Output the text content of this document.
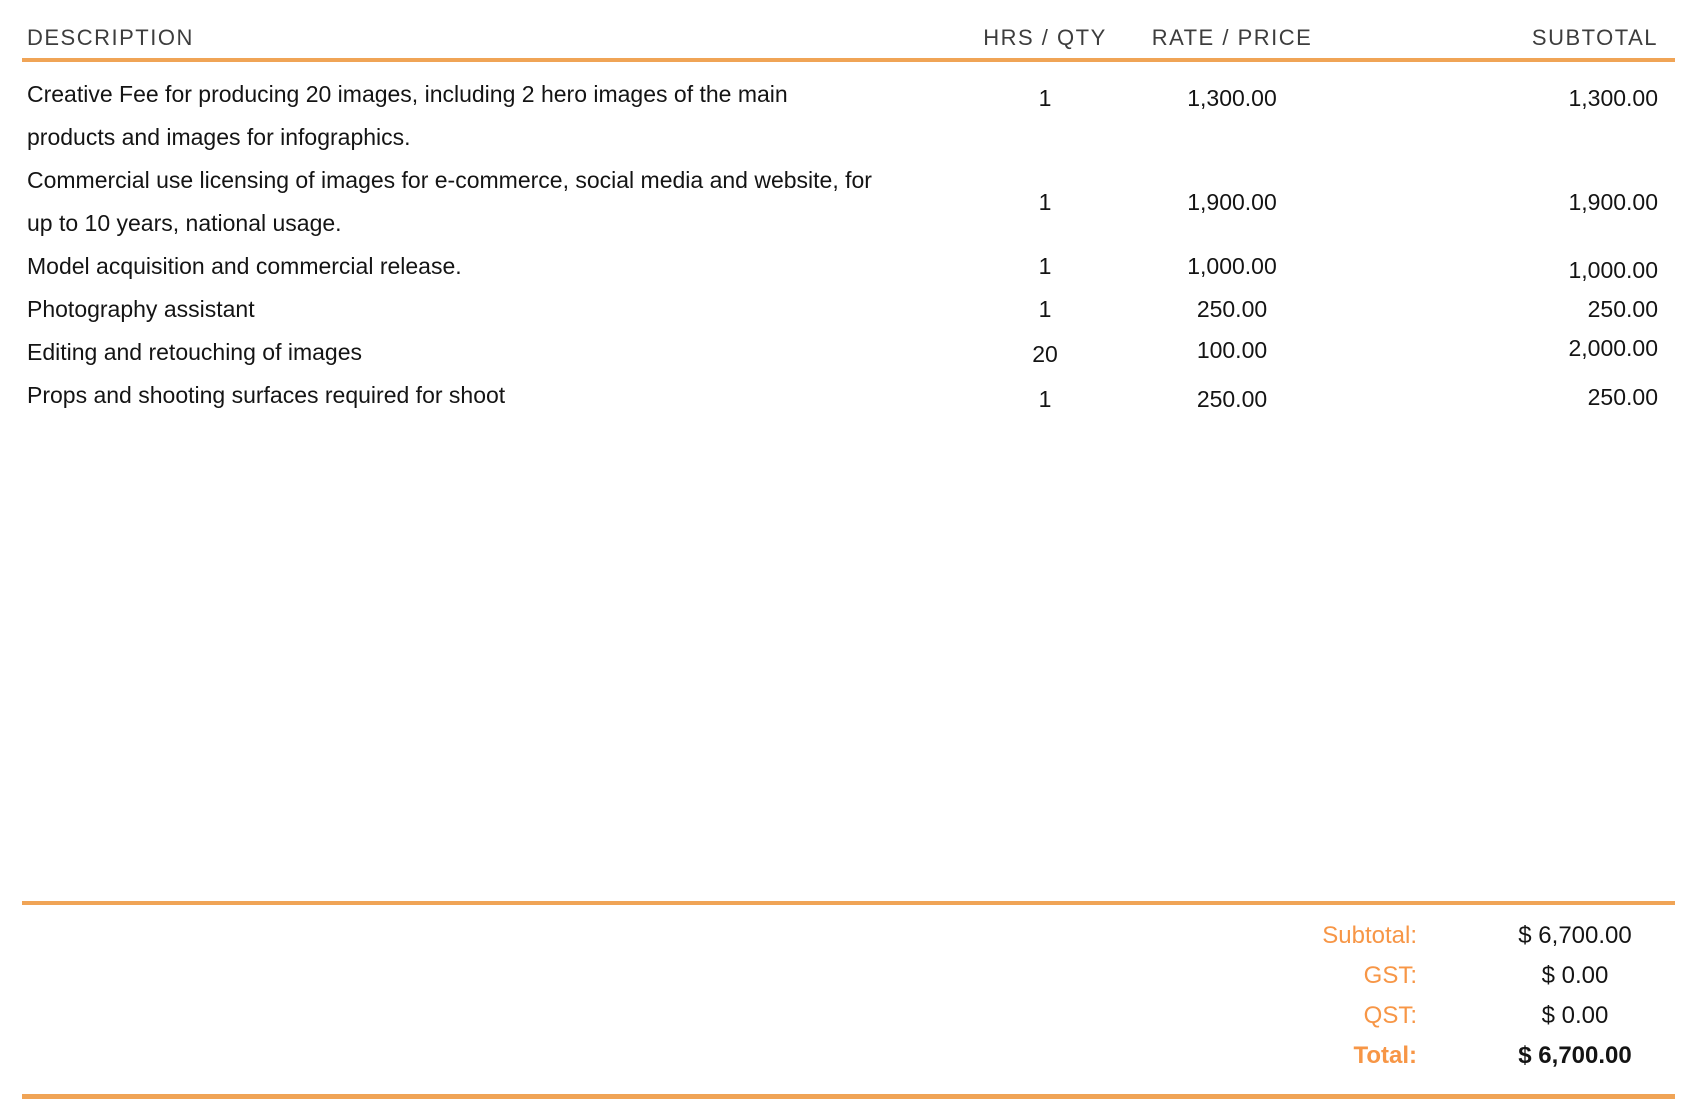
DESCRIPTION	HRS / QTY	RATE / PRICE	SUBTOTAL
Creative Fee for producing 20 images, including 2 hero images of the main
products and images for infographics.
1	1,300.00	1,300.00
Commercial use licensing of images for e-commerce, social media and website, for
up to 10 years, national usage.
1	1,900.00	1,900.00
Model acquisition and commercial release.	1	1,000.00	1,000.00
Photography assistant	1	250.00	250.00
Editing and retouching of images	20	100.00	2,000.00
Props and shooting surfaces required for shoot	1	250.00	250.00
Subtotal:	$ 6,700.00
GST:	$ 0.00
QST:	$ 0.00
Total:	$ 6,700.00
